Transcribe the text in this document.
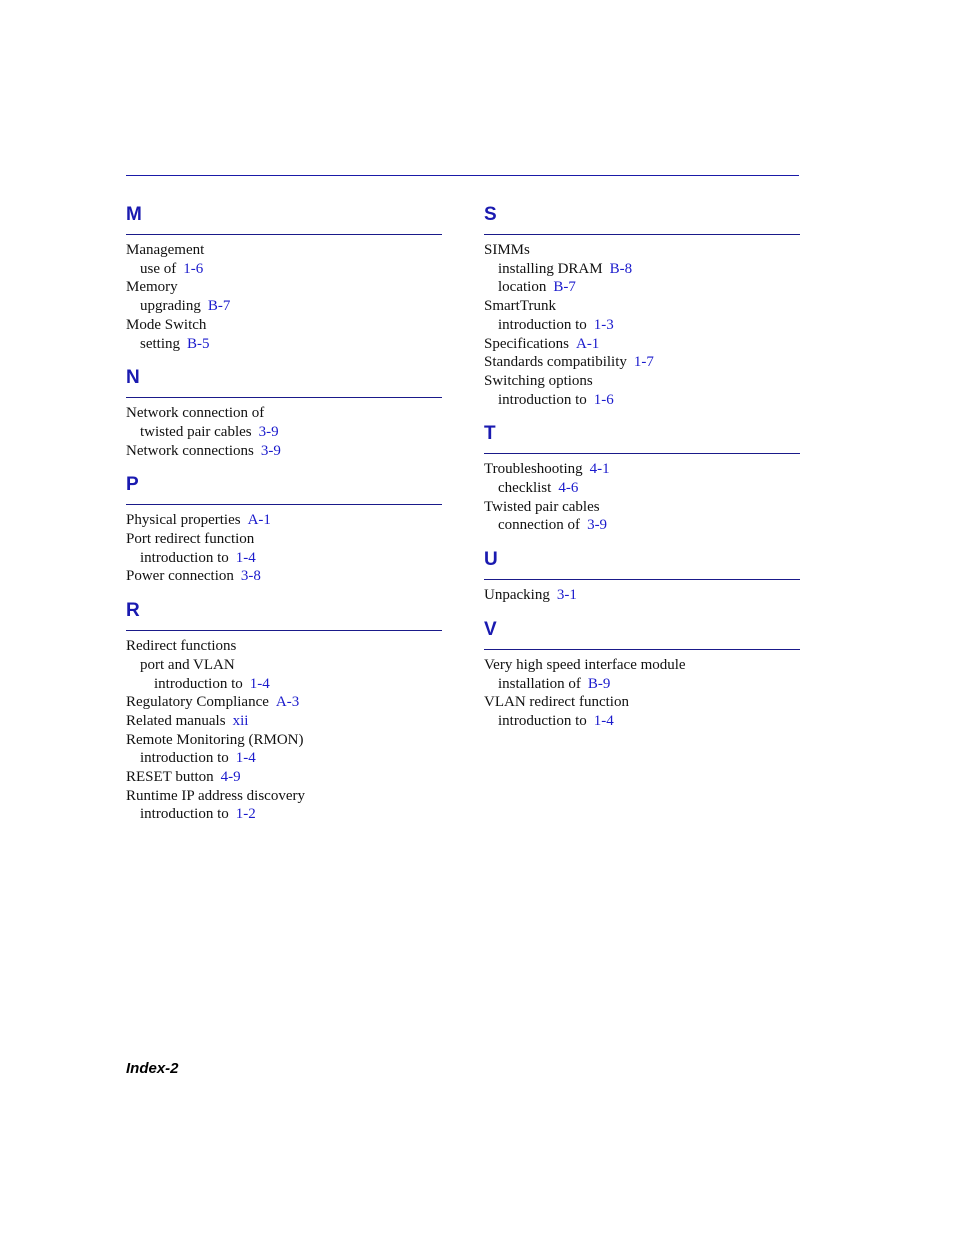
M
Management
use of 1-6
Memory
upgrading B-7
Mode Switch
setting B-5
N
Network connection of
twisted pair cables 3-9
Network connections 3-9
P
Physical properties A-1
Port redirect function
introduction to 1-4
Power connection 3-8
R
Redirect functions
port and VLAN
introduction to 1-4
Regulatory Compliance A-3
Related manuals xii
Remote Monitoring (RMON)
introduction to 1-4
RESET button 4-9
Runtime IP address discovery
introduction to 1-2
S
SIMMs
installing DRAM B-8
location B-7
SmartTrunk
introduction to 1-3
Specifications A-1
Standards compatibility 1-7
Switching options
introduction to 1-6
T
Troubleshooting 4-1
checklist 4-6
Twisted pair cables
connection of 3-9
U
Unpacking 3-1
V
Very high speed interface module
installation of B-9
VLAN redirect function
introduction to 1-4
Index-2
